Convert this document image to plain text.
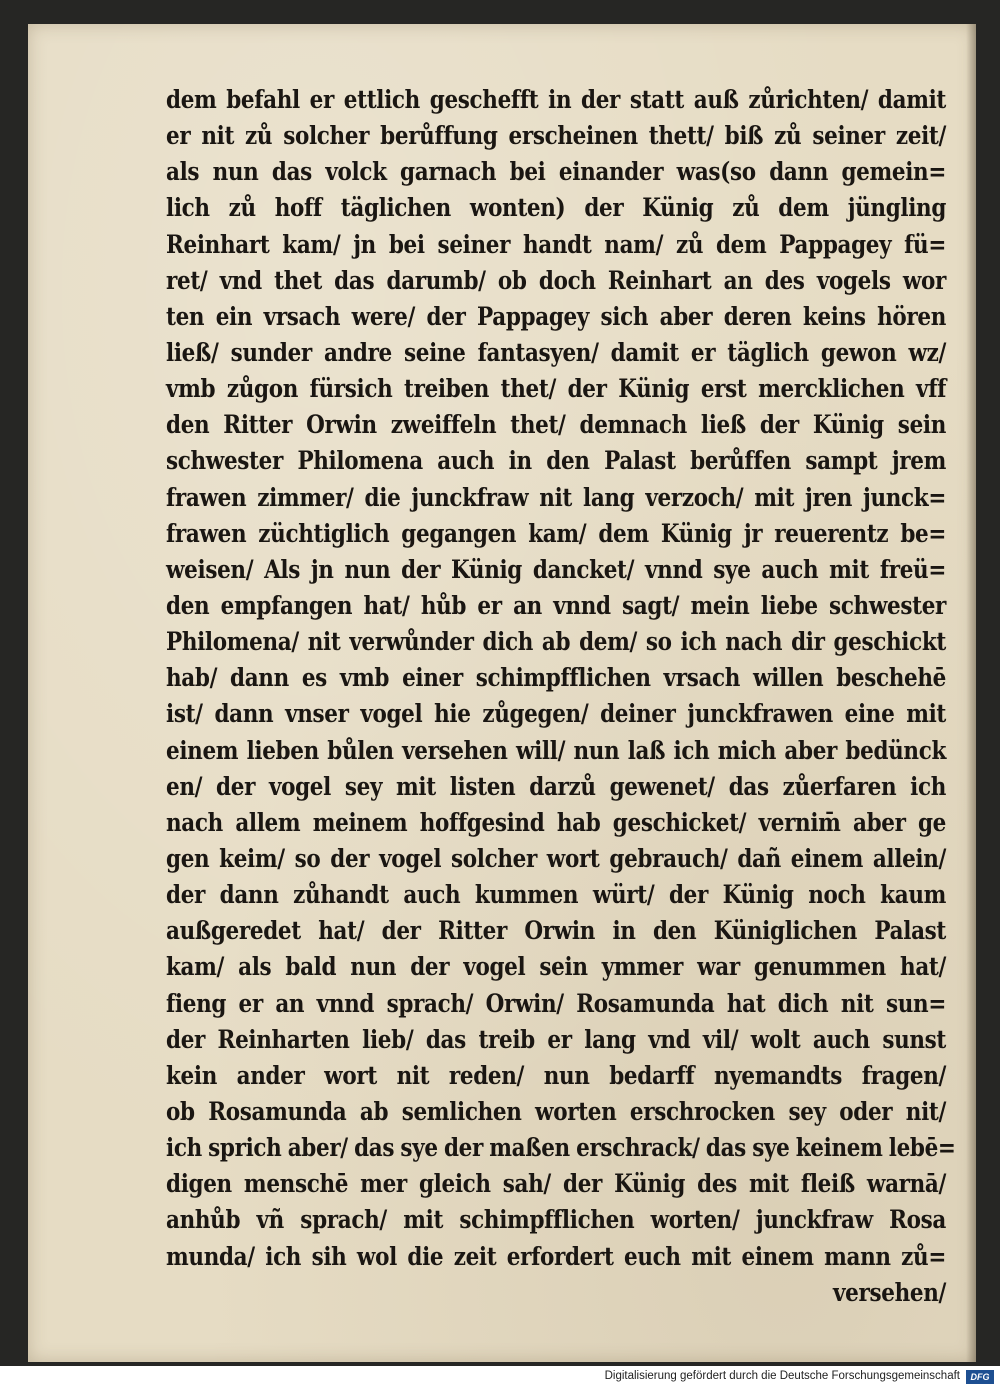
dem befahl er ettlich geschefft in der statt auß zůrichten/ damit
er nit zů solcher berůffung erscheinen thett/ biß zů seiner zeit/
als nun das volck garnach bei einander was(so dann gemein=
lich zů hoff täglichen wonten) der Künig zů dem jüngling
Reinhart kam/ jn bei seiner handt nam/ zů dem Pappagey fü=
ret/ vnd thet das darumb/ ob doch Reinhart an des vogels wor
ten ein vrsach were/ der Pappagey sich aber deren keins hören
ließ/ sunder andre seine fantasyen/ damit er täglich gewon wz/
vmb zůgon fürsich treiben thet/ der Künig erst mercklichen vff
den Ritter Orwin zweiffeln thet/ demnach ließ der Künig sein
schwester Philomena auch in den Palast berůffen sampt jrem
frawen zimmer/ die junckfraw nit lang verzoch/ mit jren junck=
frawen züchtiglich gegangen kam/ dem Künig jr reuerentz be=
weisen/ Als jn nun der Künig dancket/ vnnd sye auch mit freü=
den empfangen hat/ hůb er an vnnd sagt/ mein liebe schwester
Philomena/ nit verwůnder dich ab dem/ so ich nach dir geschickt
hab/ dann es vmb einer schimpfflichen vrsach willen beschehē
ist/ dann vnser vogel hie zůgegen/ deiner junckfrawen eine mit
einem lieben bůlen versehen will/ nun laß ich mich aber bedünck
en/ der vogel sey mit listen darzů gewenet/ das zůerfaren ich
nach allem meinem hoffgesind hab geschicket/ vernim̄ aber ge
gen keim/ so der vogel solcher wort gebrauch/ dañ einem allein/
der dann zůhandt auch kummen würt/ der Künig noch kaum
außgeredet hat/ der Ritter Orwin in den Küniglichen Palast
kam/ als bald nun der vogel sein ymmer war genummen hat/
fieng er an vnnd sprach/ Orwin/ Rosamunda hat dich nit sun=
der Reinharten lieb/ das treib er lang vnd vil/ wolt auch sunst
kein ander wort nit reden/ nun bedarff nyemandts fragen/
ob Rosamunda ab semlichen worten erschrocken sey oder nit/
ich sprich aber/ das sye der maßen erschrack/ das sye keinem lebē=
digen menschē mer gleich sah/ der Künig des mit fleiß warnā/
anhůb vñ sprach/ mit schimpfflichen worten/ junckfraw Rosa
munda/ ich sih wol die zeit erfordert euch mit einem mann zů=
versehen/
Digitalisierung gefördert durch die Deutsche Forschungsgemeinschaft	DFG
